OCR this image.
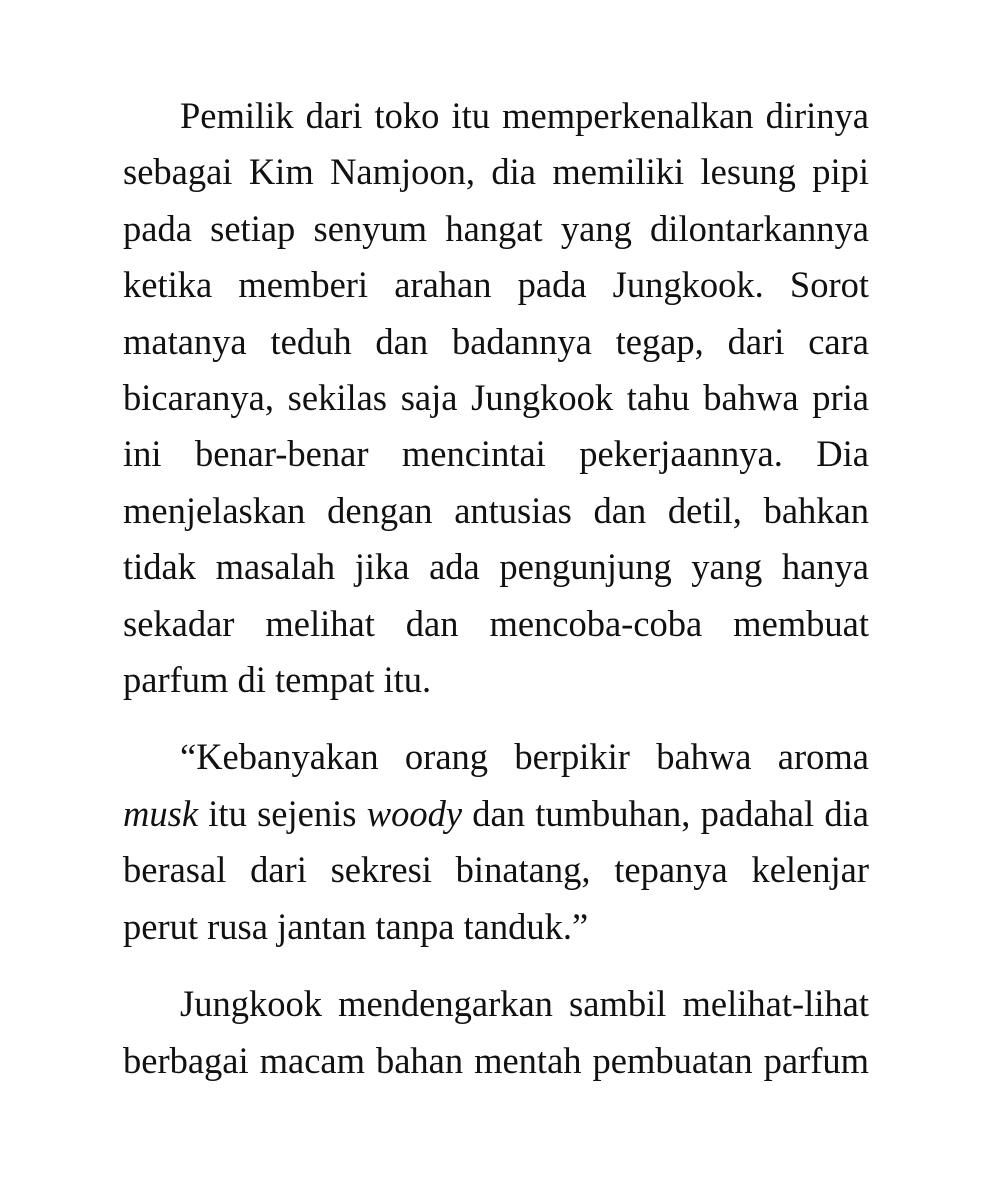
Pemilik dari toko itu memperkenalkan dirinya sebagai Kim Namjoon, dia memiliki lesung pipi pada setiap senyum hangat yang dilontarkannya ketika memberi arahan pada Jungkook. Sorot matanya teduh dan badannya tegap, dari cara bicaranya, sekilas saja Jungkook tahu bahwa pria ini benar-benar mencintai pekerjaannya. Dia menjelaskan dengan antusias dan detil, bahkan tidak masalah jika ada pengunjung yang hanya sekadar melihat dan mencoba-coba membuat parfum di tempat itu.

“Kebanyakan orang berpikir bahwa aroma musk itu sejenis woody dan tumbuhan, padahal dia berasal dari sekresi binatang, tepanya kelenjar perut rusa jantan tanpa tanduk.”

Jungkook mendengarkan sambil melihat-lihat berbagai macam bahan mentah pembuatan parfum
